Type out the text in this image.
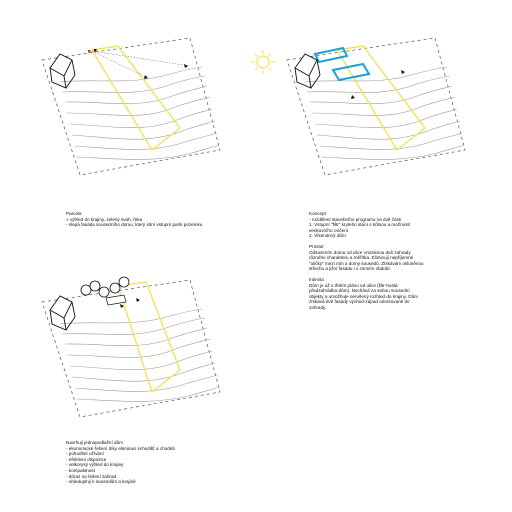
Parcela
+ výhled do krajiny, zelený svah, řeka
- slepá fasáda sousedního domu, který stíní vstupní partii pozemku
Koncept
- rozdělení stavebního programu na dvě části
1. Vstupní "filtr" kryteho stání s kůlnou a možností
venkovního cvičení
2. Víkendový dům
Prostor
Odsazením domu od ulice vniznknou dvě zahrady
různého charakteru a měřítka. Eliminují nepříjemné
"uličky" mezi ním a domy sousedů. Získávám osluněnou
střechu a jižní fasádu i v zimním období.
Intimita
Dům je až v třetím plánu od ulice (filtr-hustá
předzahrádka-dům). Nechává za sebou sousední
objekty a umožňuje nerušený rozhled do krajiny. Dům
získává dvě fasády východ-západ orientované do
zahrady.
Navrhuji jednopodlažní dům
- ekonomické řešení díky eliminaci schodišť a chodeb
- pohodlné užívání
- efektivní dispozice
- velkorysý výhled do krajiny
- kompaktnost
- důraz na řešení zahrad
- ohleduplný k sousedům a krajině
